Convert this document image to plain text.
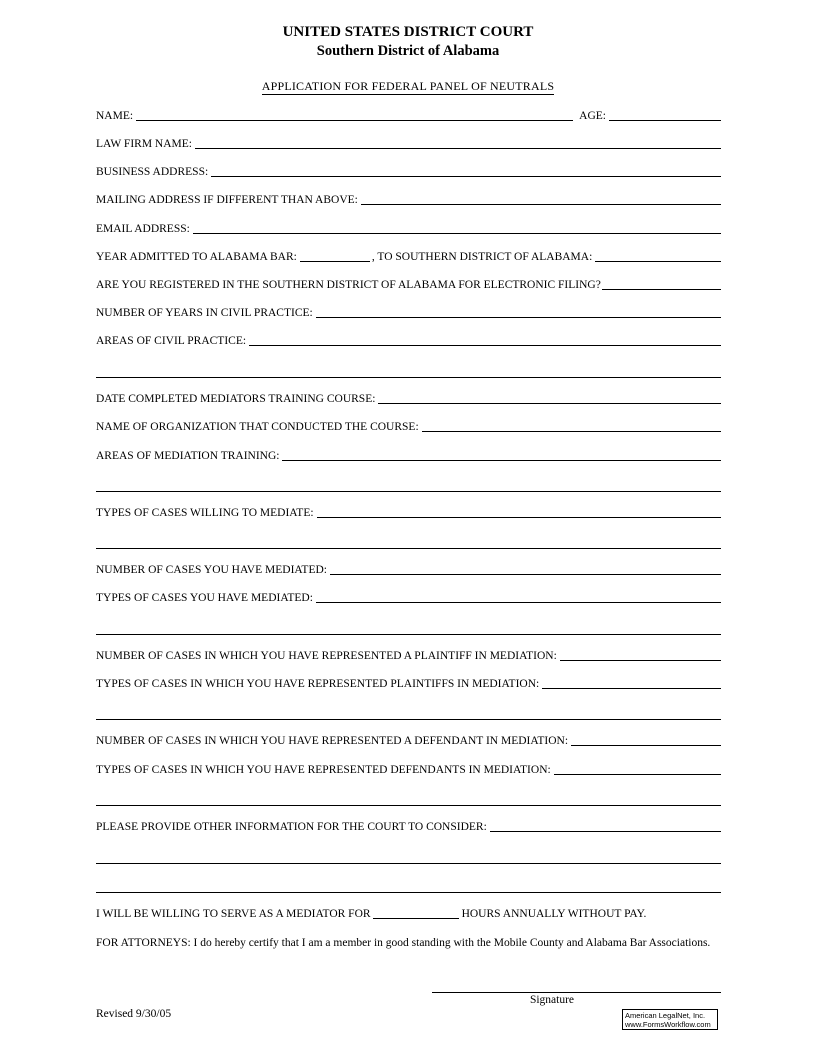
UNITED STATES DISTRICT COURT
Southern District of Alabama
APPLICATION FOR FEDERAL PANEL OF NEUTRALS
NAME:	AGE:
LAW FIRM NAME:
BUSINESS ADDRESS:
MAILING ADDRESS IF DIFFERENT THAN ABOVE:
EMAIL ADDRESS:
YEAR ADMITTED TO ALABAMA BAR:	, TO SOUTHERN DISTRICT OF ALABAMA:
ARE YOU REGISTERED IN THE SOUTHERN DISTRICT OF ALABAMA FOR ELECTRONIC FILING?
NUMBER OF YEARS IN CIVIL PRACTICE:
AREAS OF CIVIL PRACTICE:
DATE COMPLETED MEDIATORS TRAINING COURSE:
NAME OF ORGANIZATION THAT CONDUCTED THE COURSE:
AREAS OF MEDIATION TRAINING:
TYPES OF CASES WILLING TO MEDIATE:
NUMBER OF CASES YOU HAVE MEDIATED:
TYPES OF CASES YOU HAVE MEDIATED:
NUMBER OF CASES IN WHICH YOU HAVE REPRESENTED A PLAINTIFF IN MEDIATION:
TYPES OF CASES IN WHICH YOU HAVE REPRESENTED PLAINTIFFS IN MEDIATION:
NUMBER OF CASES IN WHICH YOU HAVE REPRESENTED A DEFENDANT IN MEDIATION:
TYPES OF CASES IN WHICH YOU HAVE REPRESENTED DEFENDANTS IN MEDIATION:
PLEASE PROVIDE OTHER INFORMATION FOR THE COURT TO CONSIDER:
I WILL BE WILLING TO SERVE AS A MEDIATOR FOR	HOURS ANNUALLY WITHOUT PAY.
FOR ATTORNEYS: I do hereby certify that I am a member in good standing with the Mobile County and Alabama Bar Associations.
Signature
Revised 9/30/05	American LegalNet, Inc.
www.FormsWorkflow.com
